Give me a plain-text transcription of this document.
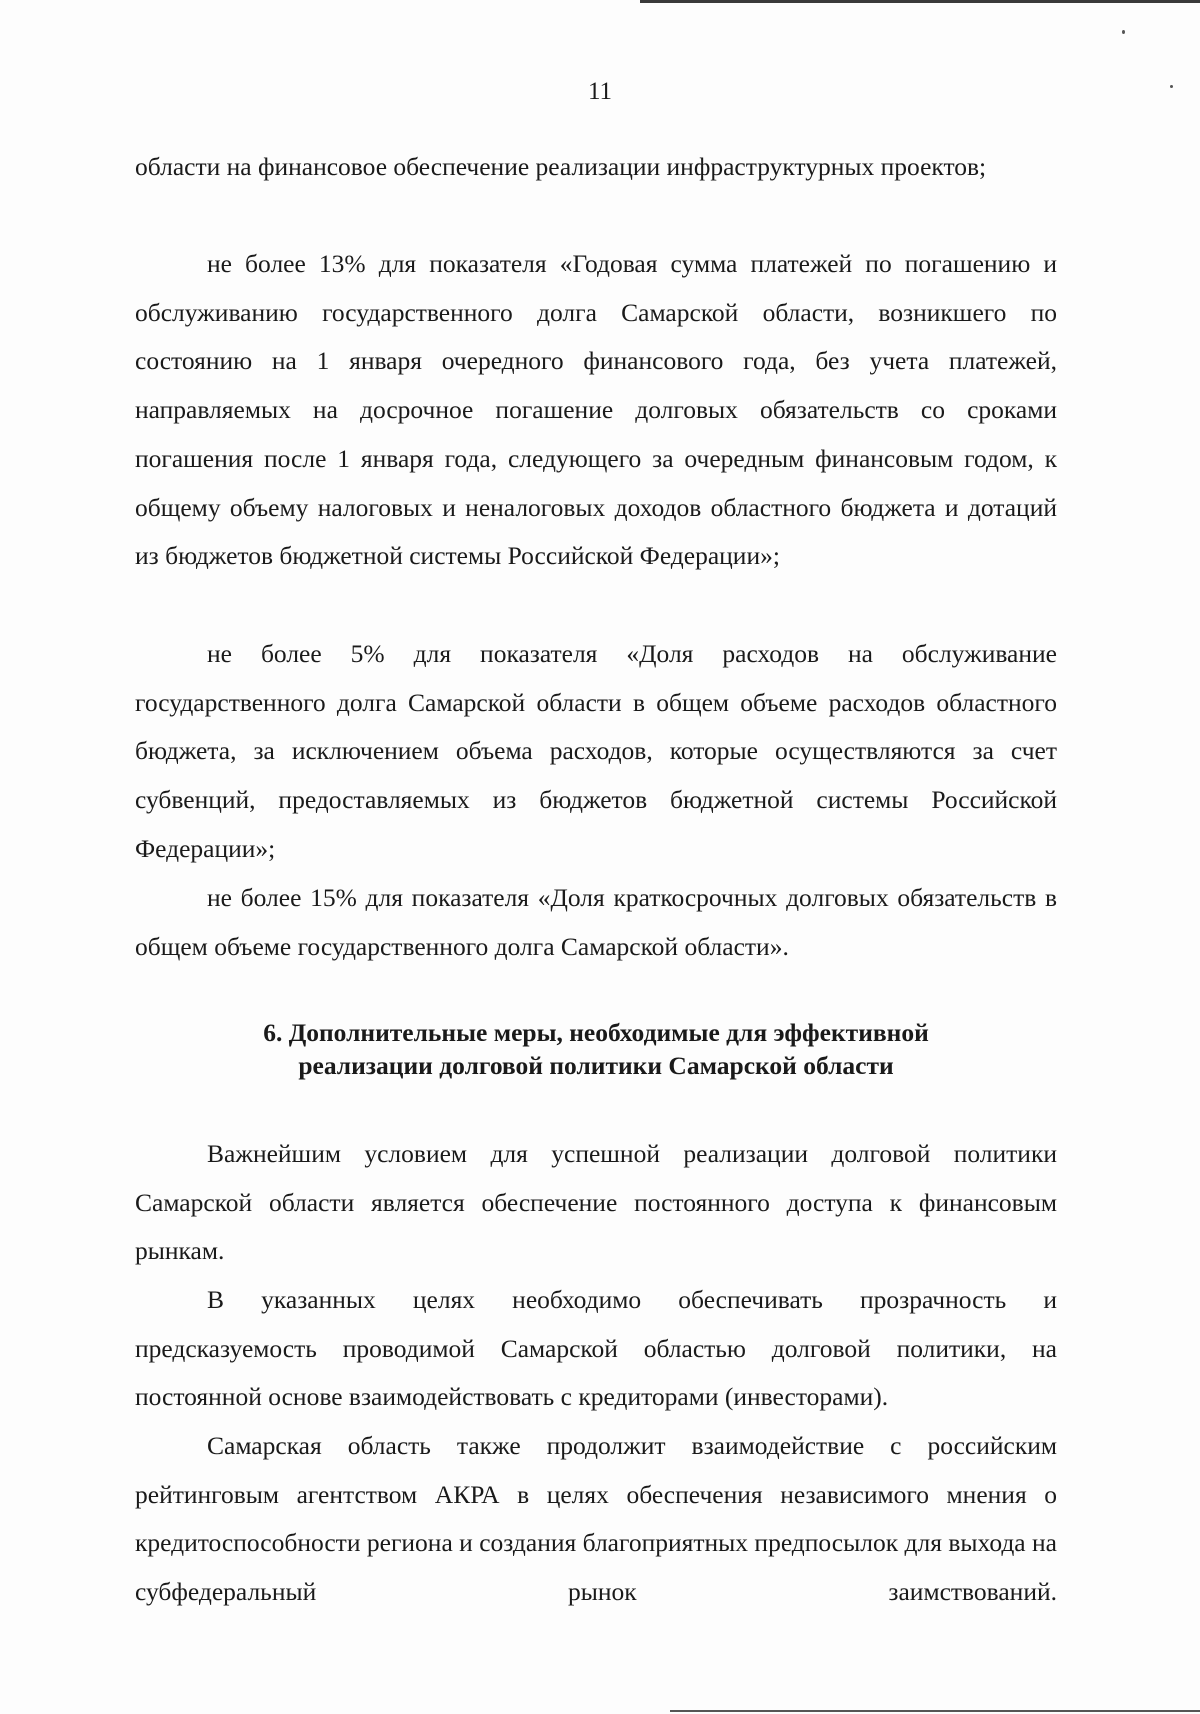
11

области на финансовое обеспечение реализации инфраструктурных проектов;

не более 13% для показателя «Годовая сумма платежей по погашению и обслуживанию государственного долга Самарской области, возникшего по состоянию на 1 января очередного финансового года, без учета платежей, направляемых на досрочное погашение долговых обязательств со сроками погашения после 1 января года, следующего за очередным финансовым годом, к общему объему налоговых и неналоговых доходов областного бюджета и дотаций из бюджетов бюджетной системы Российской Федерации»;

не более 5% для показателя «Доля расходов на обслуживание государственного долга Самарской области в общем объеме расходов областного бюджета, за исключением объема расходов, которые осуществляются за счет субвенций, предоставляемых из бюджетов бюджетной системы Российской Федерации»;

не более 15% для показателя «Доля краткосрочных долговых обязательств в общем объеме государственного долга Самарской области».

6. Дополнительные меры, необходимые для эффективной
реализации долговой политики Самарской области

Важнейшим условием для успешной реализации долговой политики Самарской области является обеспечение постоянного доступа к финансовым рынкам.

В указанных целях необходимо обеспечивать прозрачность и предсказуемость проводимой Самарской областью долговой политики, на постоянной основе взаимодействовать с кредиторами (инвесторами).

Самарская область также продолжит взаимодействие с российским рейтинговым агентством АКРА в целях обеспечения независимого мнения о кредитоспособности региона и создания благоприятных предпосылок для выхода на субфедеральный рынок заимствований.
